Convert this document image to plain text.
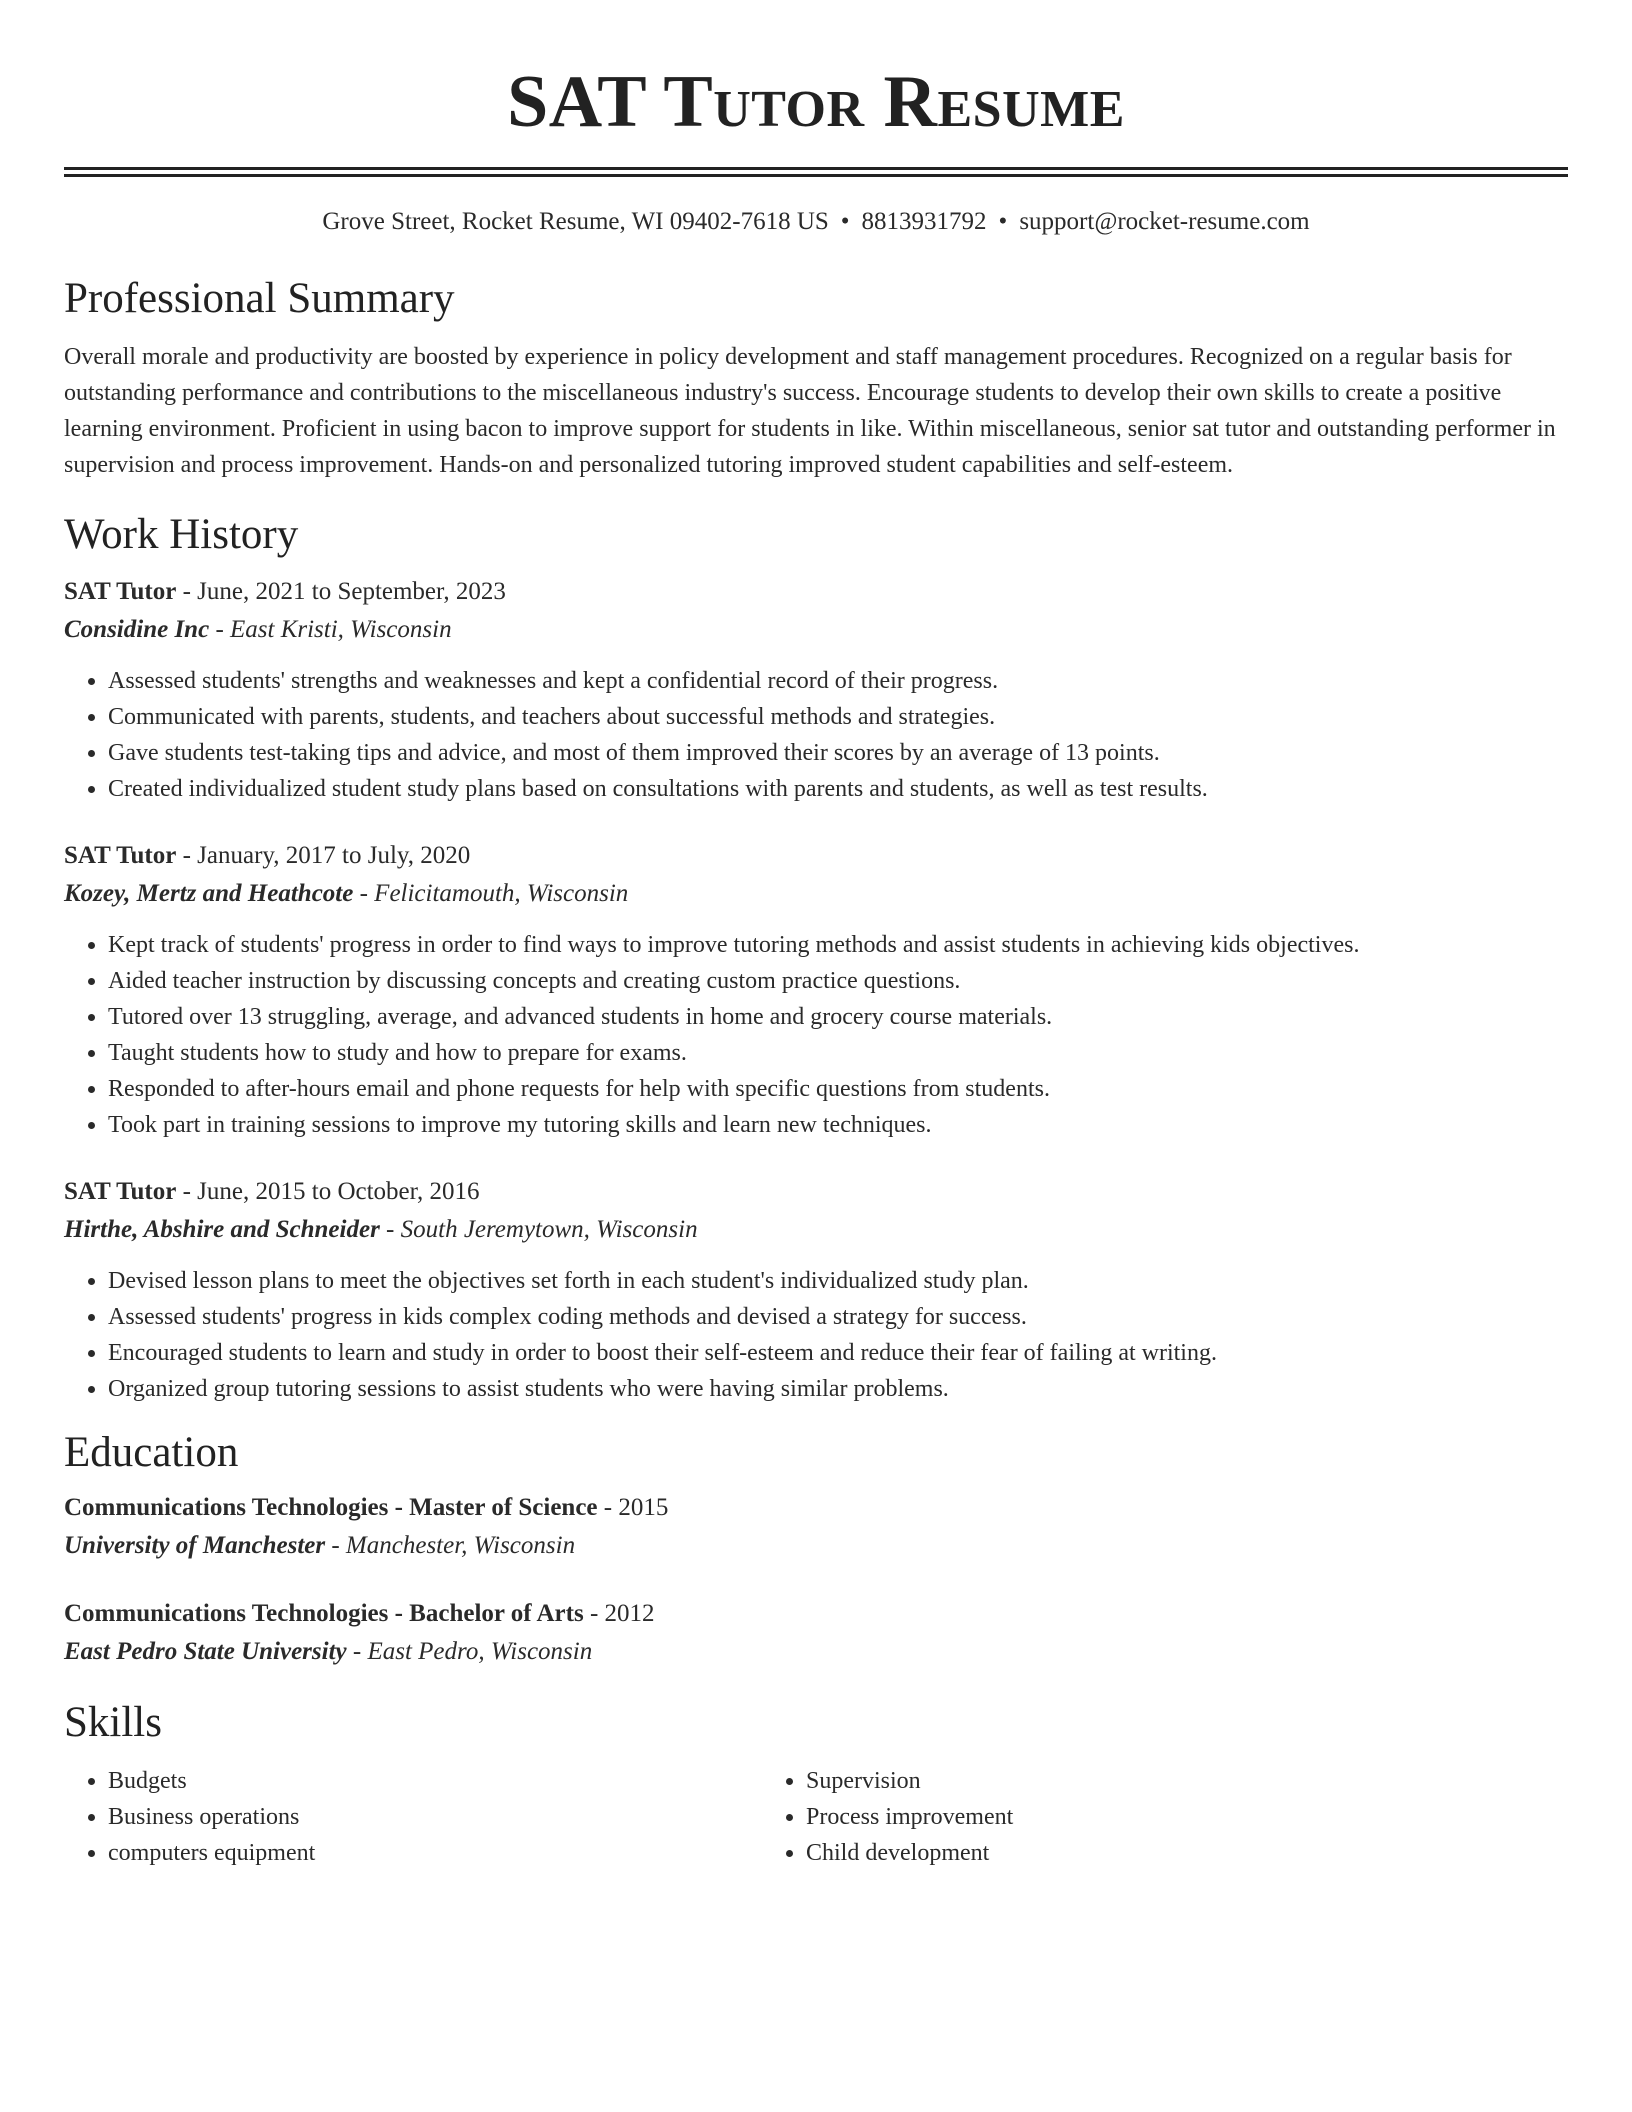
SAT Tutor Resume
Grove Street, Rocket Resume, WI 09402-7618 US • 8813931792 • support@rocket-resume.com
Professional Summary

Overall morale and productivity are boosted by experience in policy development and staff management procedures. Recognized on a regular basis for outstanding performance and contributions to the miscellaneous industry's success. Encourage students to develop their own skills to create a positive learning environment. Proficient in using bacon to improve support for students in like. Within miscellaneous, senior sat tutor and outstanding performer in supervision and process improvement. Hands-on and personalized tutoring improved student capabilities and self-esteem.

Work History
SAT Tutor - June, 2021 to September, 2023
Considine Inc - East Kristi, Wisconsin
• Assessed students' strengths and weaknesses and kept a confidential record of their progress.
• Communicated with parents, students, and teachers about successful methods and strategies.
• Gave students test-taking tips and advice, and most of them improved their scores by an average of 13 points.
• Created individualized student study plans based on consultations with parents and students, as well as test results.
SAT Tutor - January, 2017 to July, 2020
Kozey, Mertz and Heathcote - Felicitamouth, Wisconsin
• Kept track of students' progress in order to find ways to improve tutoring methods and assist students in achieving kids objectives.
• Aided teacher instruction by discussing concepts and creating custom practice questions.
• Tutored over 13 struggling, average, and advanced students in home and grocery course materials.
• Taught students how to study and how to prepare for exams.
• Responded to after-hours email and phone requests for help with specific questions from students.
• Took part in training sessions to improve my tutoring skills and learn new techniques.
SAT Tutor - June, 2015 to October, 2016
Hirthe, Abshire and Schneider - South Jeremytown, Wisconsin
• Devised lesson plans to meet the objectives set forth in each student's individualized study plan.
• Assessed students' progress in kids complex coding methods and devised a strategy for success.
• Encouraged students to learn and study in order to boost their self-esteem and reduce their fear of failing at writing.
• Organized group tutoring sessions to assist students who were having similar problems.
Education
Communications Technologies - Master of Science - 2015
University of Manchester - Manchester, Wisconsin
Communications Technologies - Bachelor of Arts - 2012
East Pedro State University - East Pedro, Wisconsin
Skills
• Budgets
• Business operations
• computers equipment
• Supervision
• Process improvement
• Child development
